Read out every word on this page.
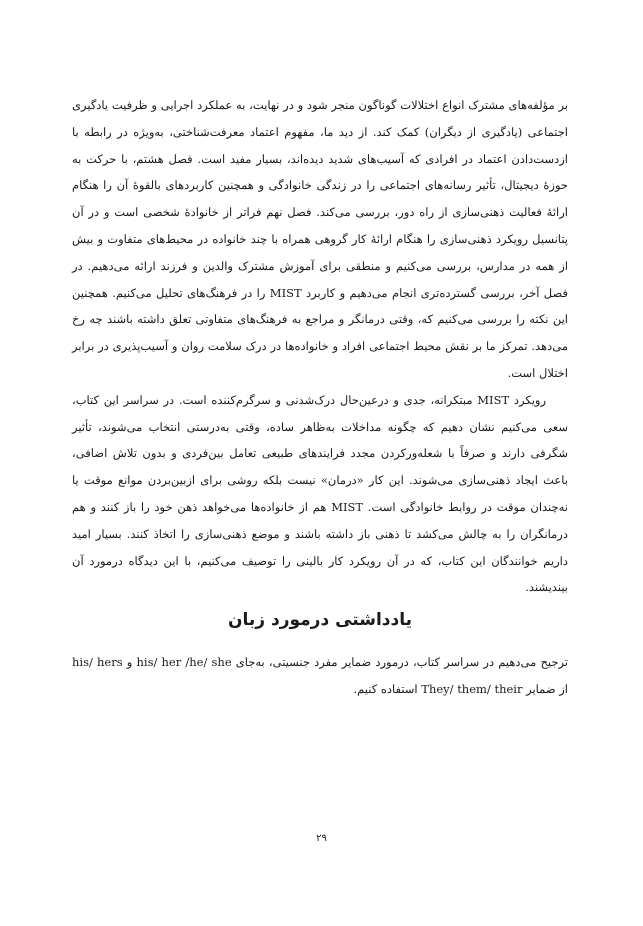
بر مؤلفه‌های مشترک انواع اختلالات گوناگون منجر شود و در نهایت، به عملکرد اجرایی و ظرفیت یادگیری اجتماعی (یادگیری از دیگران) کمک کند. از دید ما، مفهوم اعتماد معرفت‌شناختی، به‌ویژه در رابطه با ازدست‌دادن اعتماد در افرادی که آسیب‌های شدید دیده‌اند، بسیار مفید است. فصل هشتم، با حرکت به حوزهٔ دیجیتال، تأثیر رسانه‌های اجتماعی را در زندگی خانوادگی و همچنین کاربردهای بالقوهٔ آن را هنگام ارائهٔ فعالیت ذهنی‌سازی از راه دور، بررسی می‌کند. فصل نهم فراتر از خانوادهٔ شخصی است و در آن پتانسیل رویکرد ذهنی‌سازی را هنگام ارائهٔ کار گروهی همراه با چند خانواده در محیط‌های متفاوت و بیش از همه در مدارس، بررسی می‌کنیم و منطقی برای آموزش مشترک والدین و فرزند ارائه می‌دهیم. در فصل آخر، بررسی گسترده‌تری انجام می‌دهیم و کاربرد MIST را در فرهنگ‌های تحلیل می‌کنیم. همچنین این نکته را بررسی می‌کنیم که، وقتی درمانگر و مراجع به فرهنگ‌های متفاوتی تعلق داشته باشند چه رخ می‌دهد. تمرکز ما بر نقش محیط اجتماعی افراد و خانواده‌ها در درک سلامت روان و آسیب‌پذیری در برابر اختلال است.

رویکرد MIST مبتکرانه، جدی و درعین‌حال درک‌شدنی و سرگرم‌کننده است. در سراسر این کتاب، سعی می‌کنیم نشان دهیم که چگونه مداخلات به‌ظاهر ساده، وقتی به‌درستی انتخاب می‌شوند، تأثیر شگرفی دارند و صرفاً با شعله‌ورکردن مجدد فرایندهای طبیعی تعامل بین‌فردی و بدون تلاش اضافی، باعث ایجاد ذهنی‌سازی می‌شوند. این کار «درمان» نیست بلکه روشی برای ازبین‌بردن موانع موقت یا نه‌چندان موقت در روابط خانوادگی است. MIST هم از خانواده‌ها می‌خواهد ذهن خود را باز کنند و هم درمانگران را به چالش می‌کشد تا ذهنی باز داشته باشند و موضع ذهنی‌سازی را اتخاذ کنند. بسیار امید داریم خوانندگان این کتاب، که در آن رویکرد کار بالینی را توصیف می‌کنیم، با این دیدگاه درمورد آن بینديشند.

یادداشتی درمورد زبان

ترجیح می‌دهیم در سراسر کتاب، درمورد ضمایر مفرد جنسیتی، به‌جای his/ her /he/ she و his/ hers از ضمایر They/ them/ their استفاده کنیم.

۲۹
